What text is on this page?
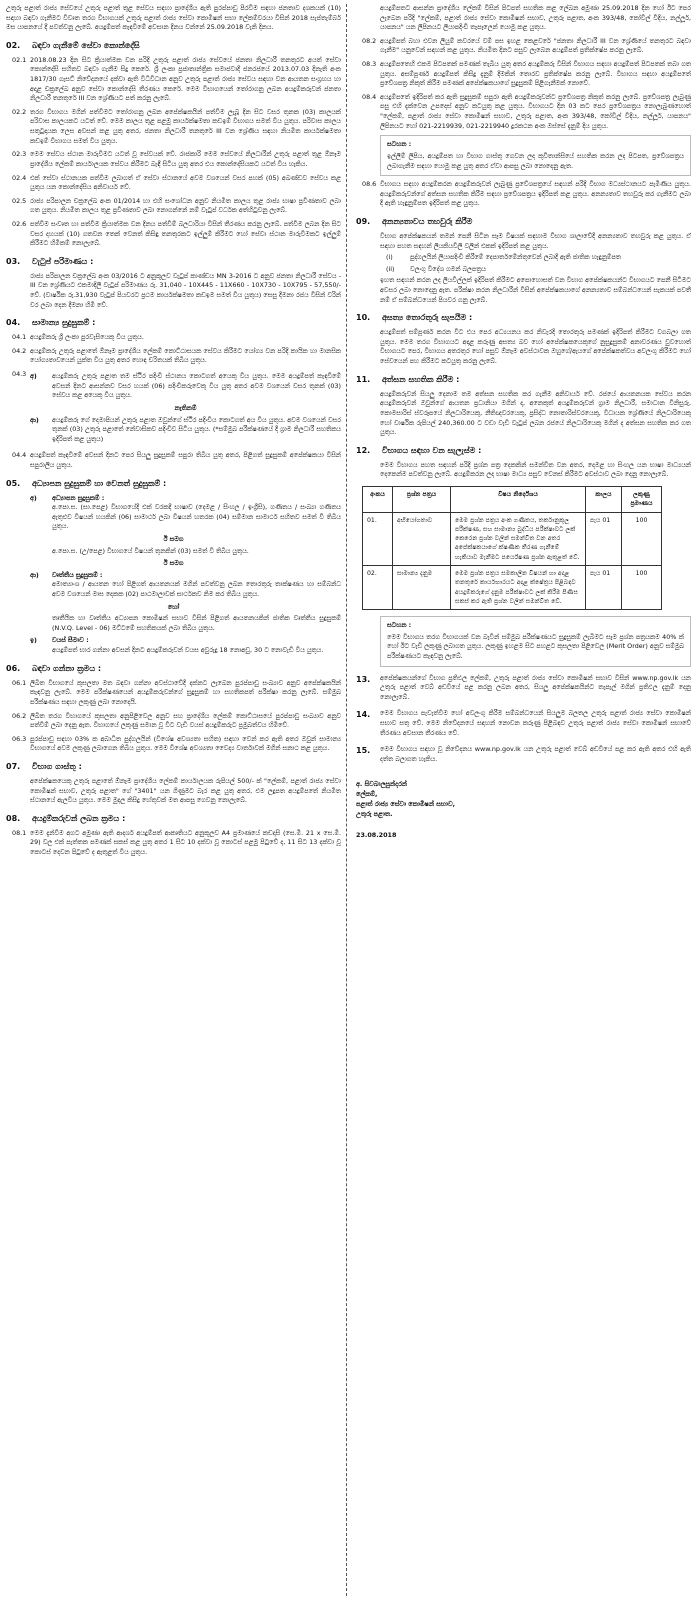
උතුරු පළාත් රාජ්‍ය සේවයේ උතුරු පළාත් තුළ සේවය සඳහා ප්‍රාදේශීය ඇති පුරප්පාඩු පිරවීම සඳහා ජනතාව දශකයක් (10) සඳහා බඳවා ගැනීමට විවෘත තරග විභාගයක් උතුරු පළාත් රාජ්‍ය සේවා කොමිෂන් සභා ලේකම්වරයා විසින් 2018 සැප්තැම්බර් මස යාපනයේ දී පවත්වනු ලැබේ. අයදුම්පත් කැඳවීමේ අවසාන දිනය වන්නේ 25.09.2018 වැනි දිනය.

02.	බඳවා ගැනීමේ සේවා කොන්දේසි
02.1 2018.08.23 දින සිට ක්‍රියාත්මක වන පරිදි උතුරු පළාත් රාජ්‍ය සේවයේ ජනතා නිලධාරී තනතුරට අයත් සේවා කොන්දේසි සහිතව බඳවා ගැනීම සිදු කෙරේ. ශ්‍රී ලංකා ප්‍රජාතාන්ත්‍රික සමාජවාදී ජනරජයේ 2013.07.03 දිනැති අංක 1817/30 ගැසට් නිවේදනයේ දක්වා ඇති විධිවිධාන අනුව උතුරු පළාත් රාජ්‍ය සේවය සඳහා වන ආයතන සංග්‍රහය හා අදාළ චක්‍රලේඛ අනුව සේවා කොන්දේසි තීරණය කෙරේ. මෙම විභාගයෙන් තෝරාගනු ලබන අයදුම්කරුවන් ජනතා නිලධාරී තනතුරේ III වන ශ්‍රේණියට පත් කරනු ලැබේ.

02.2 තරග විභාගය මගින් පත්වීමට තෝරාගනු ලබන අපේක්ෂකයින් පත්වීම ලැබූ දින සිට වසර තුනක (03) කාලයක් පරිවාස කාලයකට යටත් වේ. මෙම කාලය තුළ පළමු කාර්යක්ෂමතා කඩඉම් විභාගය සමත් විය යුතුය. පරිවාස කාලය සතුටුදායක ලෙස අවසන් කළ යුතු අතර, ජනතා නිලධාරී තනතුරේ III වන ශ්‍රේණිය සඳහා නියමිත කාර්යක්ෂමතා කඩඉම් විභාගය සමත් විය යුතුය.

02.3 මෙම සේවය ස්ථාන මාරුවීමට යටත් වූ සේවයක් වේ. රාජකාරි මෙම සේවයේ නිලධාරීන් උතුරු පළාත් තුළ ඕනෑම ප්‍රාදේශීය ලේකම් කාර්යාලයක සේවය කිරීමට බැඳී සිටිය යුතු අතර එය කොන්දේසියකට යටත් විය හැකිය.

02.4 එක් සේවා ස්ථානයක පත්වීම ලබාගත් ඒ සේවා ස්ථානයේ අවම වශයෙන් වසර පහක් (05) අඛණ්ඩව සේවය කළ යුතුය යන කොන්දේසිය අනිවාර්ය වේ.

02.5 රාජ්‍ය පරිපාලන චක්‍රලේඛ අංක 01/2014 හා එහි සංශෝධන අනුව නියමිත කාලය තුළ රාජ්‍ය භාෂා ප්‍රවීණතාව ලබා ගත යුතුය. නියමිත කාලය තුළ ප්‍රවීණතාව ලබා නොගන්නේ නම් වැටුප් වර්ධක අත්හිටුවනු ලැබේ.

02.6 පත්වීම සංවෘත හා පත්වීම ක්‍රියාත්මක වන දිනය පත්වීම් බලධාරියා විසින් තීරණය කරනු ලැබේ. පත්වීම ලබන දින සිට වසර දහයක් (10) ගතවන තෙක් වෙනත් කිසිඳු තනතුරකට ඉල්ලුම් කිරීමට හෝ සේවා ස්ථාන මාරුවීමකට ඉල්ලුම් කිරීමට හිමිකම් නොලැබේ.

03.	වැටුප් පරිමාණය :

රාජ්‍ය පරිපාලන චක්‍රලේඛ අංක 03/2016 ට අනුකූලව වැටුප් කාණ්ඩය MN 3-2016 ට අනුව ජනතා නිලධාරී සේවය - III වන ශ්‍රේණියට එකමාදිලි වැටුප් පරිමාණය රු. 31,040 - 10X445 - 11X660 - 10X730 - 10X795 - 57,550/- වේ. (වාර්ෂික රු.31,930 වැටුප් පියවරට ප්‍රථම කාර්යක්ෂමතා කඩඉම සමත් විය යුතුය) සෙසු දීමනා රජය විසින් වරින් වර ලබා දෙන දීමනා හිමි වේ.

04.	සාමාන්‍ය සුදුසුකම් :
04.1 අයදුම්කරු ශ්‍රී ලංකා පුරවැසියෙකු විය යුතුය.

04.2 අයදුම්කරු උතුරු පළාතේ ඕනෑම ප්‍රාදේශීය ලේකම් කොට්ඨාසයක සේවය කිරීමට යෝග්‍ය වන පරිදි කායික හා මානසික යෝග්‍යතාවයෙන් යුක්ත විය යුතු අතර හොඳ චරිතයක් තිබිය යුතුය.

04.3 අ)	අයදුම්කරු උතුරු පළාත තම ස්ථිර පදිංචි ස්ථානය කොටගත් අයෙකු විය යුතුය. මෙම අයදුම්පත් කැඳවීමේ අවසන් දිනට ආසන්නව වසර හයක් (06) පදිංචිකරුවෙකු විය යුතු අතර අවම වශයෙන් වසර තුනක් (03) සේවය කළ අයෙකු විය යුතුය.

නැතිනම්
ආ)	අයදුම්කරු ගේ දෙමාපියන් උතුරු පළාත ඔවුන්ගේ ස්ථිර පදිංචිය කොටගත් අය විය යුතුය. අවම වශයෙන් වසර තුනක් (03) උතුරු පළාතේ නේවාසිකව පදිංචිව සිටිය යුතුය. (*සම්මුඛ පරීක්ෂණයේ දී ග්‍රාම නිලධාරී සහතිකය ඉදිරිපත් කළ යුතුය)

04.4 අයදුම්පත් කැඳවීමේ අවසන් දිනට පෙර සියලු සුදුසුකම් සපුරා තිබිය යුතු අතර, පිළිගත් සුදුසුකම් අපේක්ෂකයා විසින් සපුරාලිය යුතුය.

05.	අධ්‍යාපන සුදුසුකම් හා වෙනත් සුදුසුකම් :
අ)	අධ්‍යාපන සුදුසුකම් :

අ.පො.ස. (සා.පෙළ) විභාගයේදී එක් වරකදී භාෂාව (දෙමළ / සිංහල / ඉංග්‍රීසි), ගණිතය / සංඛ්‍යා ගණිතය ඇතුළුව විෂයන් හයකින් (06) සාමාර්ථ ලබා විෂයන් හතරක (04) සම්මාන සාමාර්ථ සහිතව සමත් වී තිබිය යුතුය.

ඊ සමග

අ.පො.ස. (උ/පෙළ) විභාගයේ විෂයන් තුනකින් (03) සමත් වී තිබිය යුතුය.

ඊ සමග
ආ)	වෘත්තීය සුදුසුකම් :

අමාත්‍යාංශ / ආයතන හෝ පිළිගත් ආයතනයක් මගින් පවත්වනු ලබන තොරතුරු තාක්ෂණය හා සම්බන්ධ අවම වශයෙන් මාස දෙකක (02) පාඨමාලාවක් සාර්ථකව නිම කර තිබිය යුතුය.

හෝ

තෘතීයික හා වෘත්තීය අධ්‍යාපන කොමිෂන් සභාව විසින් පිළිගත් ආයතනයකින් ජාතික වෘත්තීය සුදුසුකම් (N.V.Q. Level - 06) මට්ටමේ සහතිකයක් ලබා තිබිය යුතුය.

ඉ)	වයස් සීමාව :

අයදුම්පත් භාර ගන්නා අවසන් දිනට අයදුම්කරුවන් වයස අවුරුදු 18 නොඅඩු, 30 ට නොවැඩි විය යුතුය.

06.	බඳවා ගන්නා ක්‍රමය :
06.1 ලිඛිත විභාගයේ කුසලතා මත බඳවා ගන්නා අවස්ථාවේදී දක්නට ලැබෙන පුරප්පාඩු සංඛ්‍යාව අනුව අපේක්ෂකයින් කැඳවනු ලැබේ. මෙම පරීක්ෂණයෙන් අයදුම්කරුවන්ගේ සුදුසුකම් හා සහතිකපත් පරීක්ෂා කරනු ලැබේ. සම්මුඛ පරීක්ෂණය සඳහා ලකුණු ලබා නොදෙයි.

06.2 ලිඛිත තරග විභාගයේ කුසලතා අනුපිළිවෙල අනුව සහ ප්‍රාදේශීය ලේකම් කොට්ඨාසයේ පුරප්පාඩු සංඛ්‍යාව අනුව පත්වීම් ලබා දෙනු ඇත. විභාගයේ ලකුණු සමාන වූ විට වැඩි වයස් අයදුම්කරුට ප්‍රමුඛත්වය හිමිවේ.

06.3 පුරප්පාඩු සඳහා 03% ක අබාධිත පුද්ගලයින් (විශේෂ අවශ්‍යතා සහිත) සඳහා වෙන් කර ඇති අතර ඔවුන් සාමාන්‍ය විභාගයේ අවම ලකුණු ලබාගෙන තිබිය යුතුය. මෙම විශේෂ අවශ්‍යතා වෛද්‍ය වාර්තාවක් මගින් සනාථ කළ යුතුය.

07.	විභාග ගාස්තු :

අපේක්ෂකයෙකු උතුරු පළාතේ ඕනෑම ප්‍රාදේශීය ලේකම් කාර්යාලයක රුපියල් 500/- ක් "ලේකම්, පළාත් රාජ්‍ය සේවා කොමිෂන් සභාව, උතුරු පළාත" ගේ "3401" යන ගිණුමට බැර කළ යුතු අතර, එම ලදුපත අයදුම්පතේ නියමිත ස්ථානයේ ඇලවිය යුතුය. මෙම මුදල කිසිදු හේතුවක් මත ආපසු ගෙවනු නොලැබේ.

08.	අයදුම්කරුවන් ලබන ක්‍රමය :
08.1 මෙම දැන්වීම අගට අමුණා ඇති ආදර්ශ අයදුම්පත් ආකෘතියට අනුකූලව A4 ප්‍රමාණයේ කඩදාසි (සෙ.මී. 21 x සෙ.මී. 29) වල එක් පැත්තක පමණක් සකස් කළ යුතු අතර 1 සිට 10 දක්වා වූ කොටස් පළමු පිටුවේ ද, 11 සිට 13 දක්වා වූ කොටස් දෙවන පිටුවේ ද ඇතුළත් විය යුතුය.

අයදුම්පතට ආසන්න ප්‍රාදේශීය ලේකම් විසින් පිටපත් සහතික කළ ලේඛන අමුණා 25.09.2018 දින හෝ ඊට පෙර ලැබෙන පරිදි "ලේකම්, පළාත් රාජ්‍ය සේවා කොමිෂන් සභාව, උතුරු පළාත, අංක 393/48, කෝවිල් වීදිය, නල්ලූර්, යාපනය" යන ලිපිනයට ලියාපදිංචි තැපෑලෙන් යොමු කළ යුතුය.

08.2 අයදුම්පත් බහා එවන ලියුම් කවරයේ වම් පස ඉහළ කෙළවරේ "ජනතා නිලධාරී III වන ශ්‍රේණියේ තනතුරට බඳවා ගැනීම" යනුවෙන් සඳහන් කළ යුතුය. නියමිත දිනට පසුව ලැබෙන අයදුම්පත් ප්‍රතික්ෂේප කරනු ලැබේ.

08.3 අයදුම්පතෙහි එකම පිටපතක් පමණක් තැබිය යුතු අතර අයදුම්කරු විසින් විභාගය සඳහා අයදුම්පත් පිටපතක් තබා ගත යුතුය. අසම්පූර්ණ අයදුම්පත් කිසිදු දැනුම් දීමකින් තොරව ප්‍රතික්ෂේප කරනු ලැබේ. විභාගය සඳහා අයදුම්පතේ ප්‍රවේශපත්‍ර නිකුත් කිරීම පමණක් අපේක්ෂකයාගේ සුදුසුකම් පිළිගැනීමක් නොවේ.

08.4 අයදුම්පතේ ඉදිරිපත් කර ඇති සුදුසුකම් සපුරා ඇති අයදුම්කරුවන්ට ප්‍රවේශපත්‍ර නිකුත් කරනු ලැබේ. ප්‍රවේශපත්‍ර ලැබුණු පසු එහි දැක්වෙන උපදෙස් අනුව කටයුතු කළ යුතුය. විභාගයට දින 03 කට පෙර ප්‍රවේශපත්‍රය නොලැබුණහොත් "ලේකම්, පළාත් රාජ්‍ය සේවා කොමිෂන් සභාව, උතුරු පළාත, අංක 393/48, කෝවිල් වීදිය, නල්ලූර්, යාපනය" ලිපිනයට හෝ 021-2219939, 021-2219940 දුරකථන අංක ඔස්සේ දැනුම් දිය යුතුය.

සටහන :

ඉල්ලීම් ලිපිය, අයදුම්පත හා විභාග ගාස්තු ගෙවන ලද කුවිතාන්සියේ සහතික කරන ලද පිටපත, ප්‍රවේශපත්‍රය ලබාගැනීම සඳහා යොමු කළ යුතු අතර ඒවා ආපසු ලබා නොදෙනු ඇත.

08.6 විභාගය සඳහා අයදුම්කරන අයදුම්කරුවන් ලැබුණු ප්‍රවේශපත්‍රයේ සඳහන් පරිදි විභාග මධ්‍යස්ථානයට පැමිණිය යුතුය. අයදුම්කරුවන්ගේ අත්සන සහතික කිරීම සඳහා ප්‍රවේශපත්‍රය ඉදිරිපත් කළ යුතුය. අනන්‍යතාව තහවුරු කර ගැනීමට ලබා දී ඇති හැඳුනුම්පත ඉදිරිපත් කළ යුතුය.

09.	අනන්‍යතාවය තහවුරු කිරීම

විභාග අපේක්ෂකයන් තමන් පෙනී සිටින සෑම විෂයක් සඳහාම විභාග ශාලාවේදී අනන්‍යතාව තහවුරු කළ යුතුය. ඒ සඳහා පහත සඳහන් ලියකියවිලි වලින් එකක් ඉදිරිපත් කළ යුතුය.

(i)	පුද්ගලයින් ලියාපදිංචි කිරීමේ දෙපාර්තමේන්තුවෙන් ලබාදී ඇති ජාතික හැඳුනුම්පත
(ii)	වලංගු විදේශ ගමන් බලපත්‍රය

ඉහත සඳහන් කරන ලද ලියවිල්ලක් ඉදිරිපත් කිරීමට අපොහොසත් වන විභාග අපේක්ෂකයන්ට විභාගයට පෙනී සිටීමට අවසර ලබා නොදෙනු ඇත. පරීක්ෂා කරන නිලධාරීන් විසින් අපේක්ෂකයාගේ අනන්‍යතාව සම්බන්ධයෙන් සැකයක් පවතී නම් ඒ සම්බන්ධයෙන් පියවර ගනු ලැබේ.

10.	අසත්‍ය තොරතුරු සැපයීම :

අයදුම්පත් සම්පූර්ණ කරන විට එය පෙර අධ්‍යයනය කර නිවැරදි තොරතුරු පමණක් ඉදිරිපත් කිරීමට වගබලා ගත යුතුය. මෙම තරග විභාගයට අදාළ කරුණු අසත්‍ය බව හෝ අපේක්ෂකයෙකුගේ නුසුදුසුකම් අනාවරණය වුවහොත් විභාගයට පෙර, විභාගය අතරතුර හෝ පසුව ඕනෑම අවස්ථාවක ඔහුගේ/ඇයගේ අපේක්ෂකත්වය අවලංගු කිරීමට හෝ සේවයෙන් පහ කිරීමට කටයුතු කරනු ලැබේ.

11.	අත්සන සහතික කිරීම :

අයදුම්කරුවන් සියලු දෙනාම තම අත්සන සහතික කර ගැනීම අනිවාර්ය වේ. රජයේ ආයතනයක සේවය කරන අයදුම්කරුවන් ඔවුන්ගේ ආයතන ප්‍රධානියා මගින් ද, අනෙකුත් අයදුම්කරුවන් ග්‍රාම නිලධාරී, සමාධාන විනිසුරු, කොමසාරිස් ස්වරූපයේ නිලධාරියෙකු, නීතිඥවරයෙකු, ප්‍රසිද්ධ නොතාරිස්වරයෙකු, විධායක ශ්‍රේණියේ නිලධාරියෙකු හෝ වාර්ෂික රුපියල් 240,360.00 ට වඩා වැඩි වැටුප් ලබන රජයේ නිලධාරියෙකු මගින් ද අත්සන සහතික කර ගත යුතුය.

12.	විභාගය සඳහා වන සැලැස්ම :

මෙම විභාගය පහත සඳහන් පරිදි ප්‍රශ්න පත්‍ර දෙකකින් සමන්විත වන අතර, දෙමළ හා සිංහල යන භාෂා මාධ්‍යයන් දෙකෙන්ම පවත්වනු ලැබේ. අයදුම්කරන ලද භාෂා මාධ්‍ය පසුව වෙනස් කිරීමට අවස්ථාව ලබා දෙනු නොලැබේ.

අංකය	ප්‍රශ්න පත්‍රය	විෂය නිර්දේශය	කාලය	ලකුණු ප්‍රමාණය
01.	අභියෝගතාව	මෙම ප්‍රශ්න පත්‍රය අංක ගණිතය, තර්කානුකූල පරීක්ෂණ, සහ සාමාන්‍ය බුද්ධිය පරීක්ෂාවට ලක් කෙරෙන ප්‍රශ්න වලින් සමන්විත වන අතර අපේක්ෂකයාගේ ක්ෂණික තීරණ ගැනීමේ හැකියාව මැනීමට පර්යේෂණ ප්‍රශ්න ඇතුළත් වේ.	පැය 01	100
02.	සාමාන්‍ය දැනුම	මෙම ප්‍රශ්න පත්‍රය සමකාලීන විෂයන් හා අදාළ තනතුරේ කාර්යභාරයට අදාළ ක්ෂේත්‍රය පිළිබඳව අයදුම්කරුගේ දැනුම පරීක්ෂාවට ලක් කිරීම පිණිස සකස් කර ඇති ප්‍රශ්න වලින් සමන්විත වේ.	පැය 01	100
සටහන :

මෙම විභාගය තරග විභාගයක් වන බැවින් සම්මුඛ පරීක්ෂණයට සුදුසුකම් ලැබීමට සෑම ප්‍රශ්න පත්‍රයකම 40% ක් හෝ ඊට වැඩි ලකුණු ලබාගත යුතුය. ලකුණු ඉහළම සිට පහළට කුසලතා පිළිවෙල (Merit Order) අනුව සම්මුඛ පරීක්ෂණයට කැඳවනු ලැබේ.

13.	අපේක්ෂකයන්ගේ විභාග ප්‍රතිඵල ලේකම්, උතුරු පළාත් රාජ්‍ය සේවා කොමිෂන් සභාව විසින් www.np.gov.lk යන උතුරු පළාත් වෙබ් අඩවියේ පළ කරනු ලබන අතර, සියලු අපේක්ෂකයින්ට තැපැල් මගින් ප්‍රතිඵල දැනුම් දෙනු නොලැබේ.

14.	මෙම විභාගය පැවැත්වීම හෝ අවලංගු කිරීම සම්බන්ධයෙන් සියලුම බලතල උතුරු පළාත් රාජ්‍ය සේවා කොමිෂන් සභාව සතු වේ. මෙම නිවේදනයේ සඳහන් නොවන කරුණු පිළිබඳව උතුරු පළාත් රාජ්‍ය සේවා කොමිෂන් සභාවේ තීරණය අවසාන තීරණය වේ.

15.	මෙම විභාගය සඳහා වූ නිවේදනය www.np.gov.lk යන උතුරු පළාත් වෙබ් අඩවියේ පළ කර ඇති අතර එහි ඇති දත්ත බලාගත හැකිය.

අ. සිවබාලසුන්දරන්
ලේකම්,
පළාත් රාජ්‍ය සේවා කොමිෂන් සභාව,
උතුරු පළාත.
23.08.2018
